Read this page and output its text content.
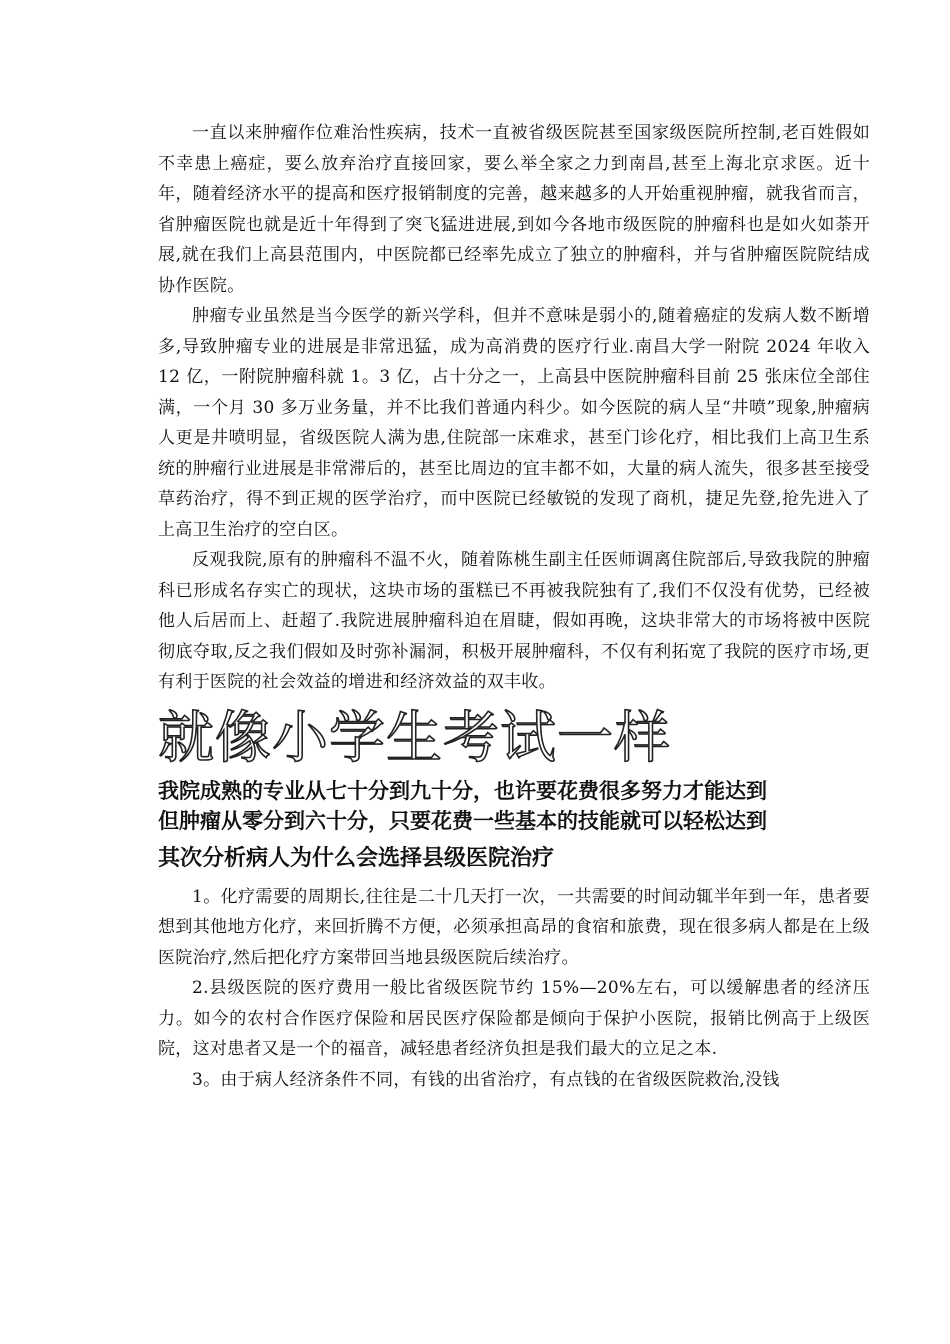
一直以来肿瘤作位难治性疾病，技术一直被省级医院甚至国家级医院所控制,老百姓假如不幸患上癌症，要么放弃治疗直接回家，要么举全家之力到南昌,甚至上海北京求医。近十年，随着经济水平的提高和医疗报销制度的完善，越来越多的人开始重视肿瘤，就我省而言，省肿瘤医院也就是近十年得到了突飞猛进进展,到如今各地市级医院的肿瘤科也是如火如荼开展,就在我们上高县范围内，中医院都已经率先成立了独立的肿瘤科，并与省肿瘤医院院结成协作医院。

肿瘤专业虽然是当今医学的新兴学科，但并不意味是弱小的,随着癌症的发病人数不断增多,导致肿瘤专业的进展是非常迅猛，成为高消费的医疗行业.南昌大学一附院 2024 年收入 12 亿，一附院肿瘤科就 1。3 亿，占十分之一，上高县中医院肿瘤科目前 25 张床位全部住满，一个月 30 多万业务量，并不比我们普通内科少。如今医院的病人呈“井喷”现象,肿瘤病人更是井喷明显，省级医院人满为患,住院部一床难求，甚至门诊化疗，相比我们上高卫生系统的肿瘤行业进展是非常滞后的，甚至比周边的宜丰都不如，大量的病人流失，很多甚至接受草药治疗，得不到正规的医学治疗，而中医院已经敏锐的发现了商机，捷足先登,抢先进入了上高卫生治疗的空白区。

反观我院,原有的肿瘤科不温不火，随着陈桃生副主任医师调离住院部后,导致我院的肿瘤科已形成名存实亡的现状，这块市场的蛋糕已不再被我院独有了,我们不仅没有优势，已经被他人后居而上、赶超了.我院进展肿瘤科迫在眉睫，假如再晚，这块非常大的市场将被中医院彻底夺取,反之我们假如及时弥补漏洞，积极开展肿瘤科，不仅有利拓宽了我院的医疗市场,更有利于医院的社会效益的增进和经济效益的双丰收。

就像小学生考试一样

我院成熟的专业从七十分到九十分，也许要花费很多努力才能达到

但肿瘤从零分到六十分，只要花费一些基本的技能就可以轻松达到

其次分析病人为什么会选择县级医院治疗

1。化疗需要的周期长,往往是二十几天打一次，一共需要的时间动辄半年到一年，患者要想到其他地方化疗，来回折腾不方便，必须承担高昂的食宿和旅费，现在很多病人都是在上级医院治疗,然后把化疗方案带回当地县级医院后续治疗。

2.县级医院的医疗费用一般比省级医院节约 15%—20%左右，可以缓解患者的经济压力。如今的农村合作医疗保险和居民医疗保险都是倾向于保护小医院，报销比例高于上级医院，这对患者又是一个的福音，减轻患者经济负担是我们最大的立足之本.

3。由于病人经济条件不同，有钱的出省治疗，有点钱的在省级医院救治,没钱
